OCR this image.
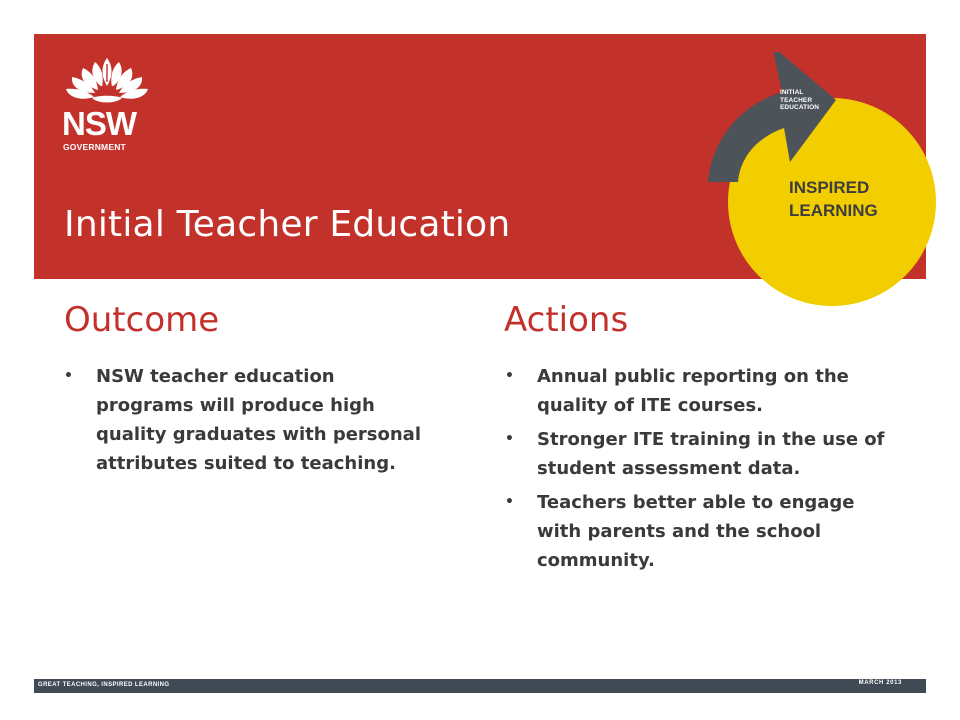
NSW
GOVERNMENT
Initial Teacher Education
INITIAL
TEACHER
EDUCATION
INSPIRED
LEARNING
Outcome
• NSW teacher education programs will produce high quality graduates with personal attributes suited to teaching.
Actions
• Annual public reporting on the quality of ITE courses.
• Stronger ITE training in the use of student assessment data.
• Teachers better able to engage with parents and the school community.
GREAT TEACHING, INSPIRED LEARNING	MARCH 2013
